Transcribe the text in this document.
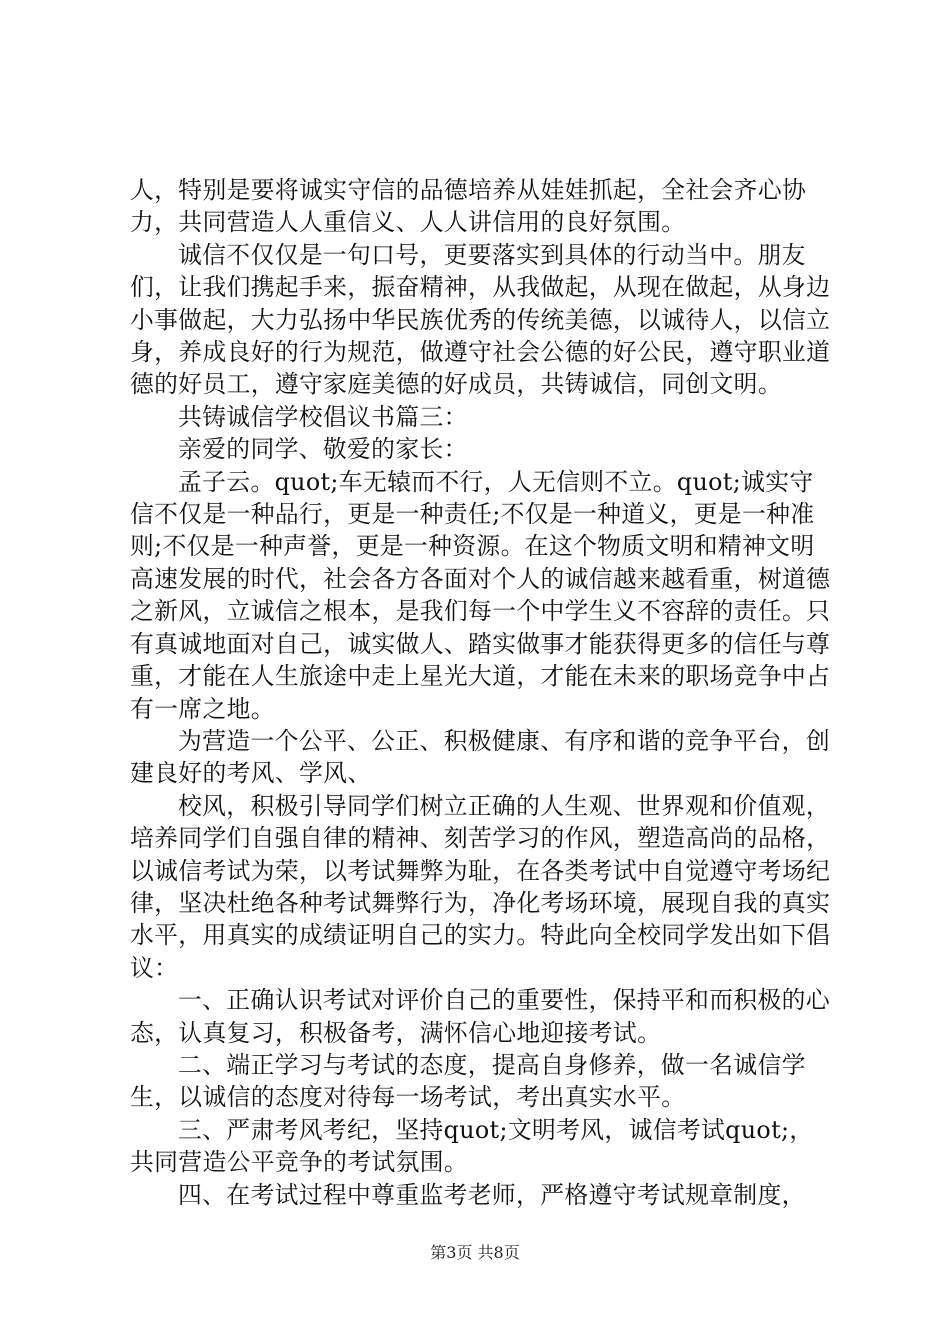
人，特别是要将诚实守信的品德培养从娃娃抓起，全社会齐心协力，共同营造人人重信义、人人讲信用的良好氛围。

诚信不仅仅是一句口号，更要落实到具体的行动当中。朋友们，让我们携起手来，振奋精神，从我做起，从现在做起，从身边小事做起，大力弘扬中华民族优秀的传统美德，以诚待人，以信立身，养成良好的行为规范，做遵守社会公德的好公民，遵守职业道德的好员工，遵守家庭美德的好成员，共铸诚信，同创文明。

共铸诚信学校倡议书篇三：

亲爱的同学、敬爱的家长：

孟子云。quot;车无辕而不行，人无信则不立。quot;诚实守信不仅是一种品行，更是一种责任;不仅是一种道义，更是一种准则;不仅是一种声誉，更是一种资源。在这个物质文明和精神文明高速发展的时代，社会各方各面对个人的诚信越来越看重，树道德之新风，立诚信之根本，是我们每一个中学生义不容辞的责任。只有真诚地面对自己，诚实做人、踏实做事才能获得更多的信任与尊重，才能在人生旅途中走上星光大道，才能在未来的职场竞争中占有一席之地。

为营造一个公平、公正、积极健康、有序和谐的竞争平台，创建良好的考风、学风、

校风，积极引导同学们树立正确的人生观、世界观和价值观，培养同学们自强自律的精神、刻苦学习的作风，塑造高尚的品格，以诚信考试为荣，以考试舞弊为耻，在各类考试中自觉遵守考场纪律，坚决杜绝各种考试舞弊行为，净化考场环境，展现自我的真实水平，用真实的成绩证明自己的实力。特此向全校同学发出如下倡议：

一、正确认识考试对评价自己的重要性，保持平和而积极的心态，认真复习，积极备考，满怀信心地迎接考试。

二、端正学习与考试的态度，提高自身修养，做一名诚信学生，以诚信的态度对待每一场考试，考出真实水平。

三、严肃考风考纪，坚持quot;文明考风，诚信考试quot;，共同营造公平竞争的考试氛围。

四、在考试过程中尊重监考老师，严格遵守考试规章制度，

第3页 共8页
